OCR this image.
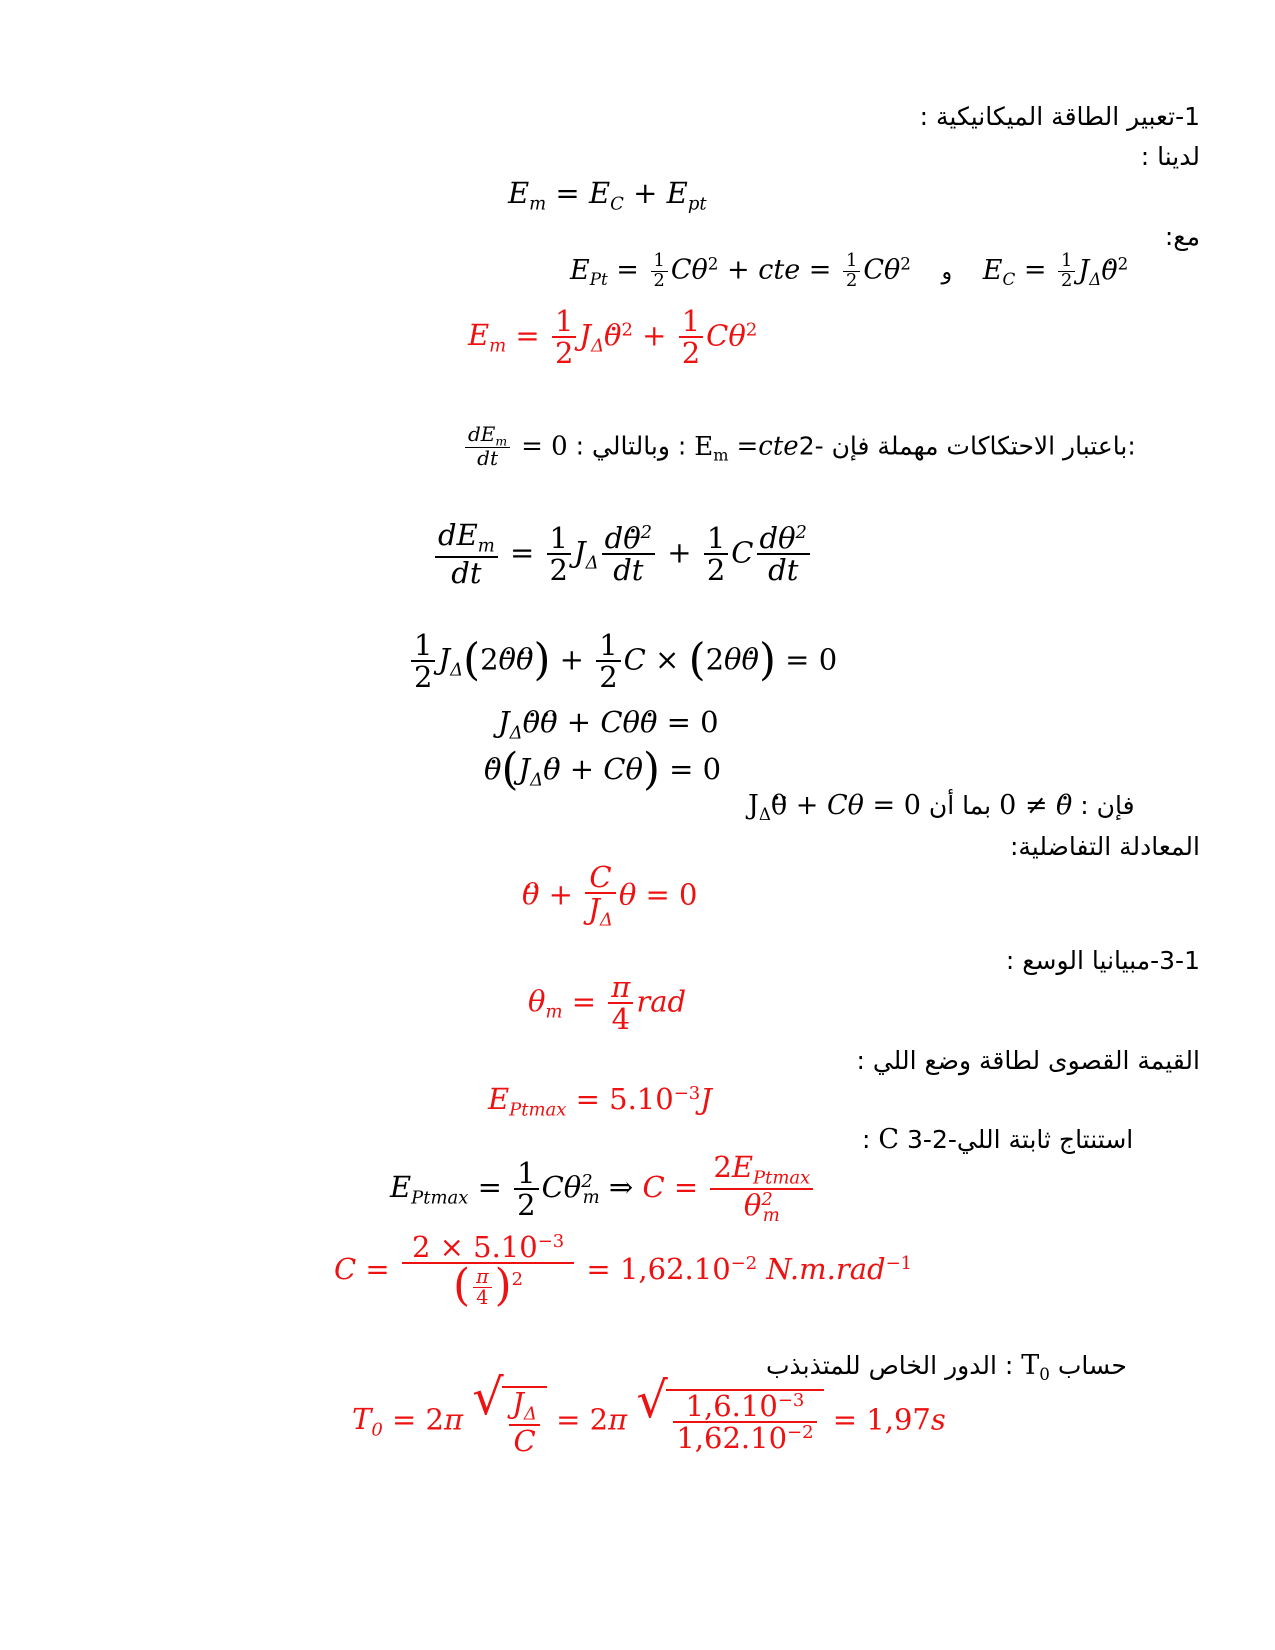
1-تعبير الطاقة الميكانيكية :
لدينا :
$E_m = E_C + E_{pt}$
مع:
$E_{Pt} = \frac{1}{2} C\theta^2$ + cte = $\frac{1}{2} C\theta^2$ و $E_C = \frac{1}{2} J_\Delta\theta$ .$^2$
$E_m = \frac{1}{2} J_\Delta\theta$ $.^2 + \frac{1}{2} C\theta^2$
$\frac{dE_m}{dt} = 0$ : وبالتالي : $E_m =cte2-$ باعتبار الاحتكاكات مهملة فإن:
$\frac{dE_m}{dt} = \frac{1}{2} J_\Delta \frac{d\theta .^2}{dt} + \frac{1}{2}$ C $\frac{d\theta^2}{dt}$
$\frac{1}{2} J_\Delta(2\theta$ .θ ..) + $\frac{1}{2}$ C × (2θθ .) = 0
$J_\Delta\theta$ .θ .. + Cθθ . = 0
θ $.(J_\Delta\theta$ .. + Cθ) = 0
$J_\Delta\theta$ .. + Cθ = 0	فإن : θ . ≠ 0 بما أن
المعادلة التفاضلية:
θ .. + $\frac{C}{J_\Delta}$ θ = 0
3-1-مبيانيا الوسع :
$\theta_m = \frac{\pi}{4}$ rad
القيمة القصوى لطاقة وضع اللي :
$E_{Ptmax} = 5.10^{-3}J$
: C 3-2-استنتاج ثابتة اللي
$E_{Ptmax} = \frac{1}{2} C\theta^2_m$ ⇒ $C = \frac{2E_{Ptmax}}{\theta^2_m}$
$C = \frac{2 \times 5.10^{-3}}{( \frac{\pi}{4} )^2} = 1,62.10^{-2}$ N.m.rad$^{-1}$
الدور الخاص للمتذبذب : $T_0$ حساب
$T_0 = 2\pi$ √ $\frac{J_\Delta}{C} = 2\pi$ √ $\frac{1,6.10^{-3}}{1,62.10^{-2}} = 1,97s$
